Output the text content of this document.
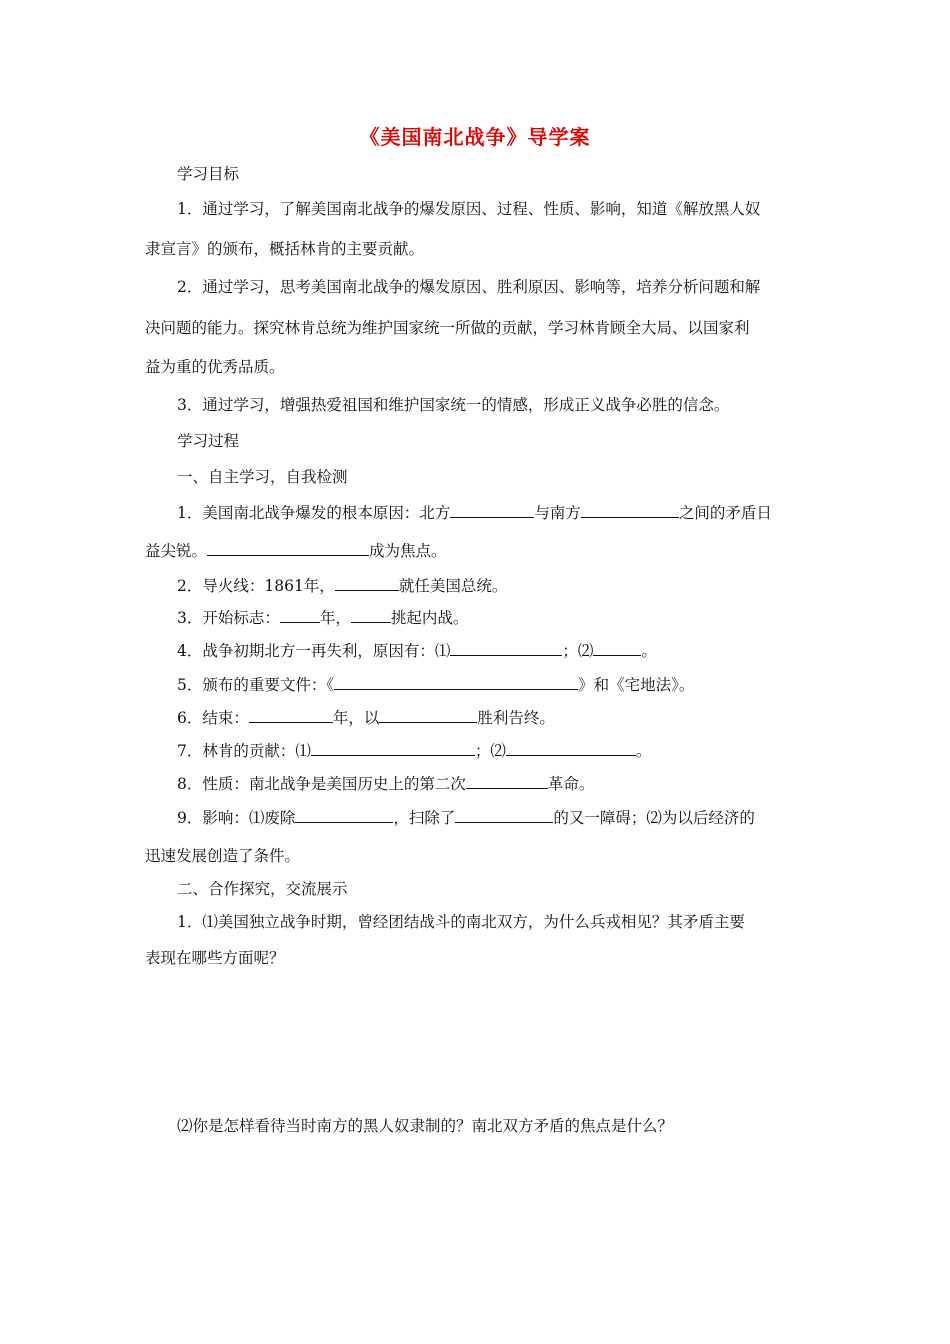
《美国南北战争》导学案
学习目标
1．通过学习，了解美国南北战争的爆发原因、过程、性质、影响，知道《解放黑人奴
隶宣言》的颁布，概括林肯的主要贡献。
2．通过学习，思考美国南北战争的爆发原因、胜利原因、影响等，培养分析问题和解
决问题的能力。探究林肯总统为维护国家统一所做的贡献，学习林肯顾全大局、以国家利
益为重的优秀品质。
3．通过学习，增强热爱祖国和维护国家统一的情感，形成正义战争必胜的信念。
学习过程
一、自主学习，自我检测
1．美国南北战争爆发的根本原因：北方	与南方	之间的矛盾日
益尖锐。	成为焦点。
2．导火线：1861年，	就任美国总统。
3．开始标志：	年，	挑起内战。
4．战争初期北方一再失利，原因有：⑴	；⑵	。
5．颁布的重要文件：《	》和《宅地法》。
6．结束：	年，以	胜利告终。
7．林肯的贡献：⑴	；⑵	。
8．性质：南北战争是美国历史上的第二次	革命。
9．影响：⑴废除	，扫除了	的又一障碍；⑵为以后经济的
迅速发展创造了条件。
二、合作探究，交流展示
1．⑴美国独立战争时期，曾经团结战斗的南北双方，为什么兵戎相见？其矛盾主要
表现在哪些方面呢？
⑵你是怎样看待当时南方的黑人奴隶制的？南北双方矛盾的焦点是什么？
